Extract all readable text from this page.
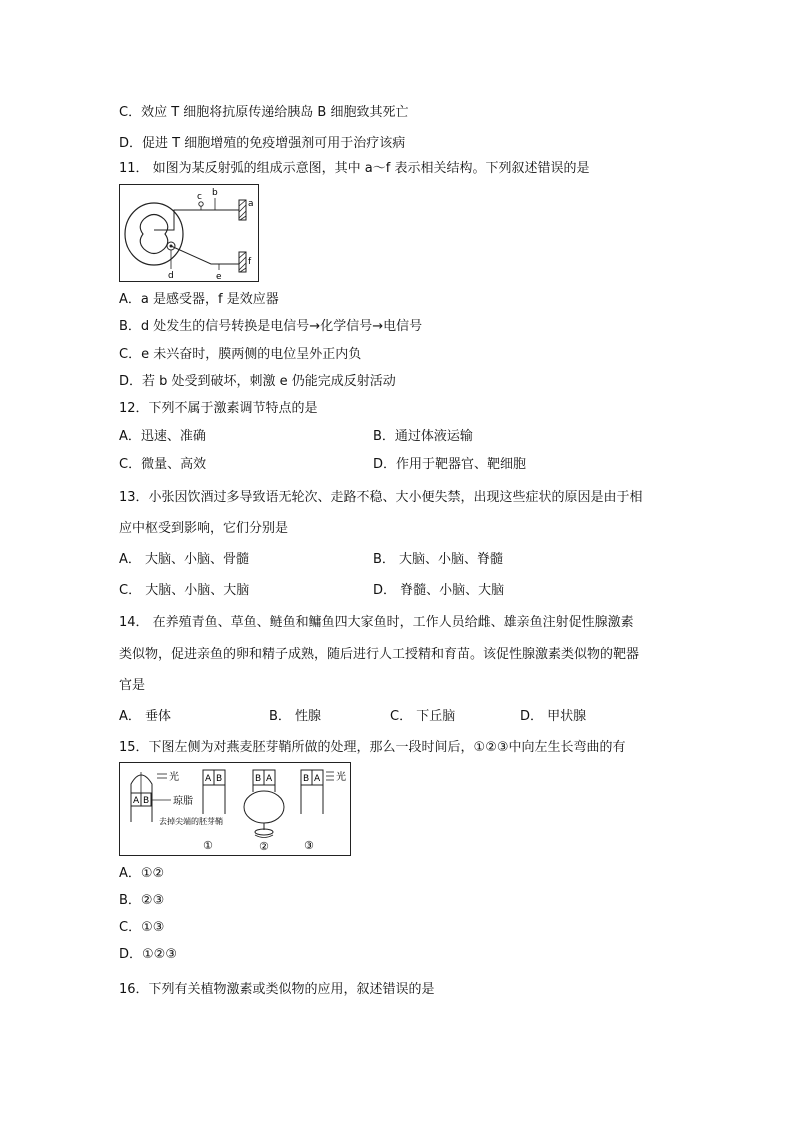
C．效应 T 细胞将抗原传递给胰岛 B 细胞致其死亡
D．促进 T 细胞增殖的免疫增强剂可用于治疗该病
11． 如图为某反射弧的组成示意图，其中 a～f 表示相关结构。下列叙述错误的是
c b
a
d	e
f
A．a 是感受器，f 是效应器
B．d 处发生的信号转换是电信号→化学信号→电信号
C．e 未兴奋时，膜两侧的电位呈外正内负
D．若 b 处受到破坏，刺激 e 仍能完成反射活动
12．下列不属于激素调节特点的是
A．迅速、准确	B．通过体液运输
C．微量、高效	D．作用于靶器官、靶细胞
13．小张因饮酒过多导致语无轮次、走路不稳、大小便失禁，出现这些症状的原因是由于相
应中枢受到影响，它们分别是
A． 大脑、小脑、骨髓	B． 大脑、小脑、脊髓
C． 大脑、小脑、大脑	D． 脊髓、小脑、大脑
14． 在养殖青鱼、草鱼、鲢鱼和鳙鱼四大家鱼时，工作人员给雌、雄亲鱼注射促性腺激素
类似物，促进亲鱼的卵和精子成熟，随后进行人工授精和育苗。该促性腺激素类似物的靶器
官是
A． 垂体	B． 性腺	C． 下丘脑	D． 甲状腺
15．下图左侧为对燕麦胚芽鞘所做的处理，那么一段时间后，①②③中向左生长弯曲的有
光
A B 琼脂
去掉尖端的胚芽鞘
A B
①
B A
②
B A 光
③
A．①②
B．②③
C．①③
D．①②③
16．下列有关植物激素或类似物的应用，叙述错误的是
